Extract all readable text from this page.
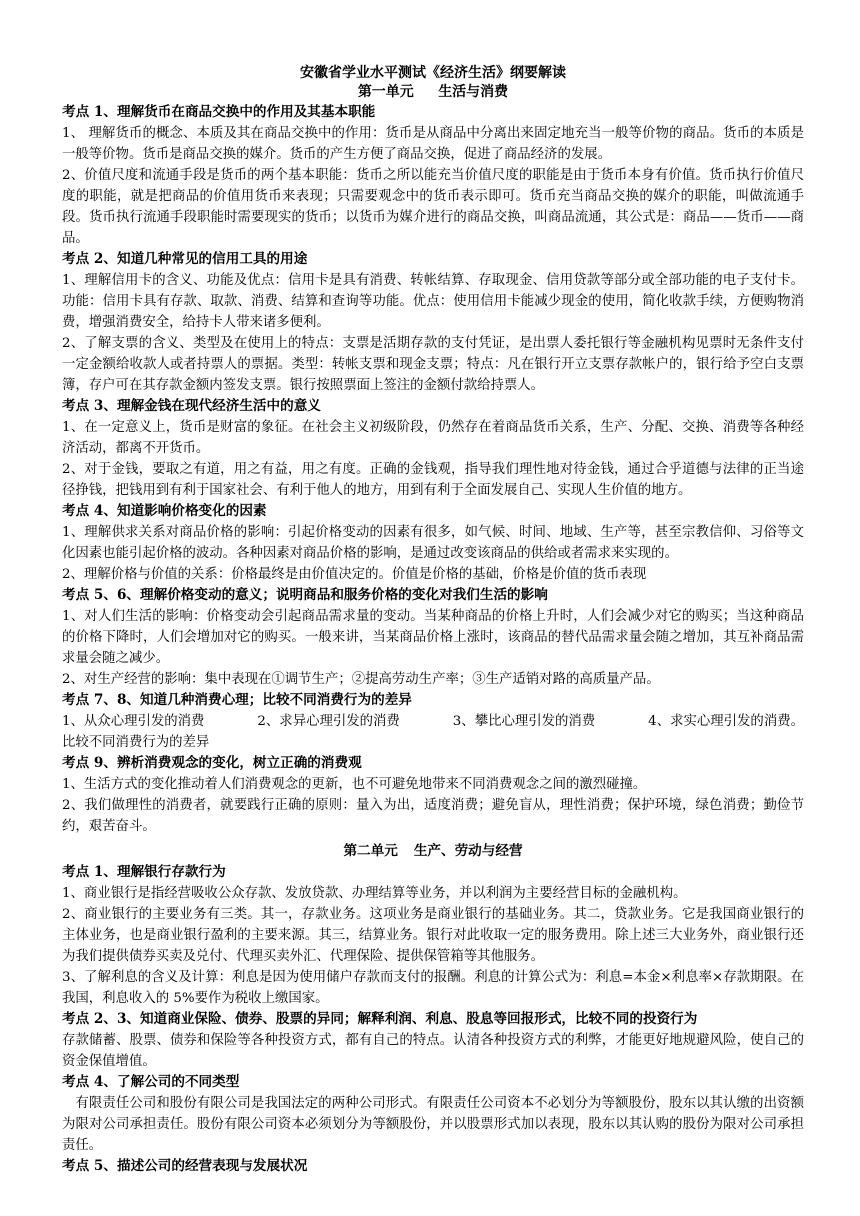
安徽省学业水平测试《经济生活》纲要解读
第一单元 生活与消费
考点 1、理解货币在商品交换中的作用及其基本职能
1、 理解货币的概念、本质及其在商品交换中的作用：货币是从商品中分离出来固定地充当一般等价物的商品。货币的本质是一般等价物。货币是商品交换的媒介。货币的产生方便了商品交换，促进了商品经济的发展。
2、价值尺度和流通手段是货币的两个基本职能：货币之所以能充当价值尺度的职能是由于货币本身有价值。货币执行价值尺度的职能，就是把商品的价值用货币来表现；只需要观念中的货币表示即可。货币充当商品交换的媒介的职能，叫做流通手段。货币执行流通手段职能时需要现实的货币；以货币为媒介进行的商品交换，叫商品流通，其公式是：商品——货币——商品。
考点 2、知道几种常见的信用工具的用途
1、理解信用卡的含义、功能及优点：信用卡是具有消费、转帐结算、存取现金、信用贷款等部分或全部功能的电子支付卡。功能：信用卡具有存款、取款、消费、结算和查询等功能。优点：使用信用卡能减少现金的使用，简化收款手续，方便购物消费，增强消费安全，给持卡人带来诸多便利。
2、了解支票的含义、类型及在使用上的特点：支票是活期存款的支付凭证，是出票人委托银行等金融机构见票时无条件支付一定金额给收款人或者持票人的票据。类型：转帐支票和现金支票；特点：凡在银行开立支票存款帐户的，银行给予空白支票簿，存户可在其存款金额内签发支票。银行按照票面上签注的金额付款给持票人。
考点 3、理解金钱在现代经济生活中的意义
1、在一定意义上，货币是财富的象征。在社会主义初级阶段，仍然存在着商品货币关系，生产、分配、交换、消费等各种经济活动，都离不开货币。
2、对于金钱，要取之有道，用之有益，用之有度。正确的金钱观，指导我们理性地对待金钱，通过合乎道德与法律的正当途径挣钱，把钱用到有利于国家社会、有利于他人的地方，用到有利于全面发展自己、实现人生价值的地方。
考点 4、知道影响价格变化的因素
1、理解供求关系对商品价格的影响：引起价格变动的因素有很多，如气候、时间、地域、生产等，甚至宗教信仰、习俗等文化因素也能引起价格的波动。各种因素对商品价格的影响，是通过改变该商品的供给或者需求来实现的。
2、理解价格与价值的关系：价格最终是由价值决定的。价值是价格的基础，价格是价值的货币表现
考点 5、6、理解价格变动的意义；说明商品和服务价格的变化对我们生活的影响
1、对人们生活的影响：价格变动会引起商品需求量的变动。当某种商品的价格上升时，人们会减少对它的购买；当这种商品的价格下降时，人们会增加对它的购买。一般来讲，当某商品价格上涨时，该商品的替代品需求量会随之增加，其互补商品需求量会随之减少。
2、对生产经营的影响：集中表现在①调节生产；②提高劳动生产率；③生产适销对路的高质量产品。
考点 7、8、知道几种消费心理；比较不同消费行为的差异
1、从众心理引发的消费	2、求异心理引发的消费	3、攀比心理引发的消费	4、求实心理引发的消费。
比较不同消费行为的差异
考点 9、辨析消费观念的变化，树立正确的消费观
1、生活方式的变化推动着人们消费观念的更新，也不可避免地带来不同消费观念之间的激烈碰撞。
2、我们做理性的消费者，就要践行正确的原则：量入为出，适度消费；避免盲从，理性消费；保护环境，绿色消费；勤俭节约，艰苦奋斗。
第二单元 生产、劳动与经营
考点 1、理解银行存款行为
1、商业银行是指经营吸收公众存款、发放贷款、办理结算等业务，并以利润为主要经营目标的金融机构。
2、商业银行的主要业务有三类。其一，存款业务。这项业务是商业银行的基础业务。其二，贷款业务。它是我国商业银行的主体业务，也是商业银行盈利的主要来源。其三，结算业务。银行对此收取一定的服务费用。除上述三大业务外，商业银行还为我们提供债券买卖及兑付、代理买卖外汇、代理保险、提供保管箱等其他服务。
3、了解利息的含义及计算：利息是因为使用储户存款而支付的报酬。利息的计算公式为：利息=本金×利息率×存款期限。在我国，利息收入的 5%要作为税收上缴国家。
考点 2、3、知道商业保险、债券、股票的异同；解释利润、利息、股息等回报形式，比较不同的投资行为
存款储蓄、股票、债券和保险等各种投资方式，都有自己的特点。认清各种投资方式的利弊，才能更好地规避风险，使自己的资金保值增值。
考点 4、了解公司的不同类型
有限责任公司和股份有限公司是我国法定的两种公司形式。有限责任公司资本不必划分为等额股份，股东以其认缴的出资额为限对公司承担责任。股份有限公司资本必须划分为等额股份，并以股票形式加以表现，股东以其认购的股份为限对公司承担责任。
考点 5、描述公司的经营表现与发展状况
